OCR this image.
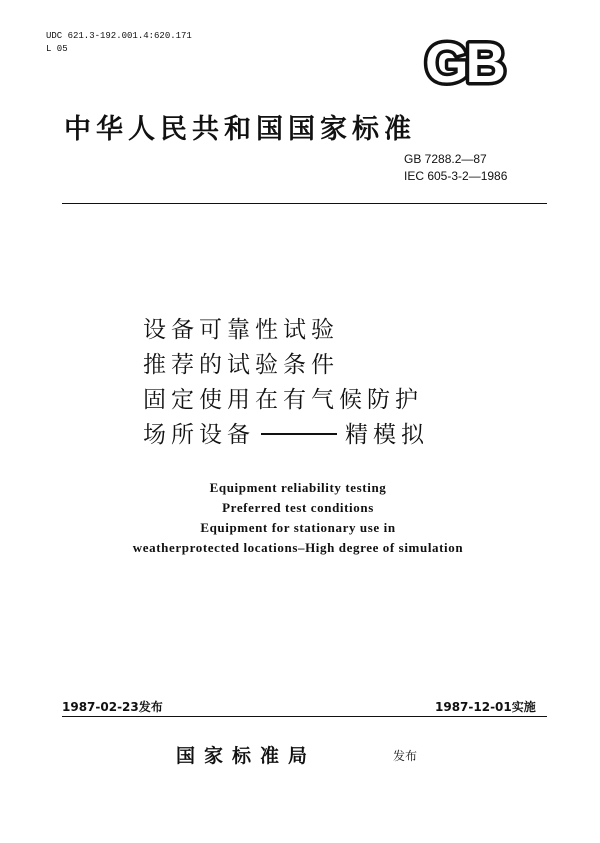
UDC 621.3-192.001.4:620.171
L 05	GB
中华人民共和国国家标准
GB 7288.2—87
IEC 605-3-2—1986
设备可靠性试验
推荐的试验条件
固定使用在有气候防护
场所设备	精模拟
Equipment reliability testing
Preferred test conditions
Equipment for stationary use in
weatherprotected locations–High degree of simulation
1987-02-23发布	1987-12-01实施
国家标准局	发布
